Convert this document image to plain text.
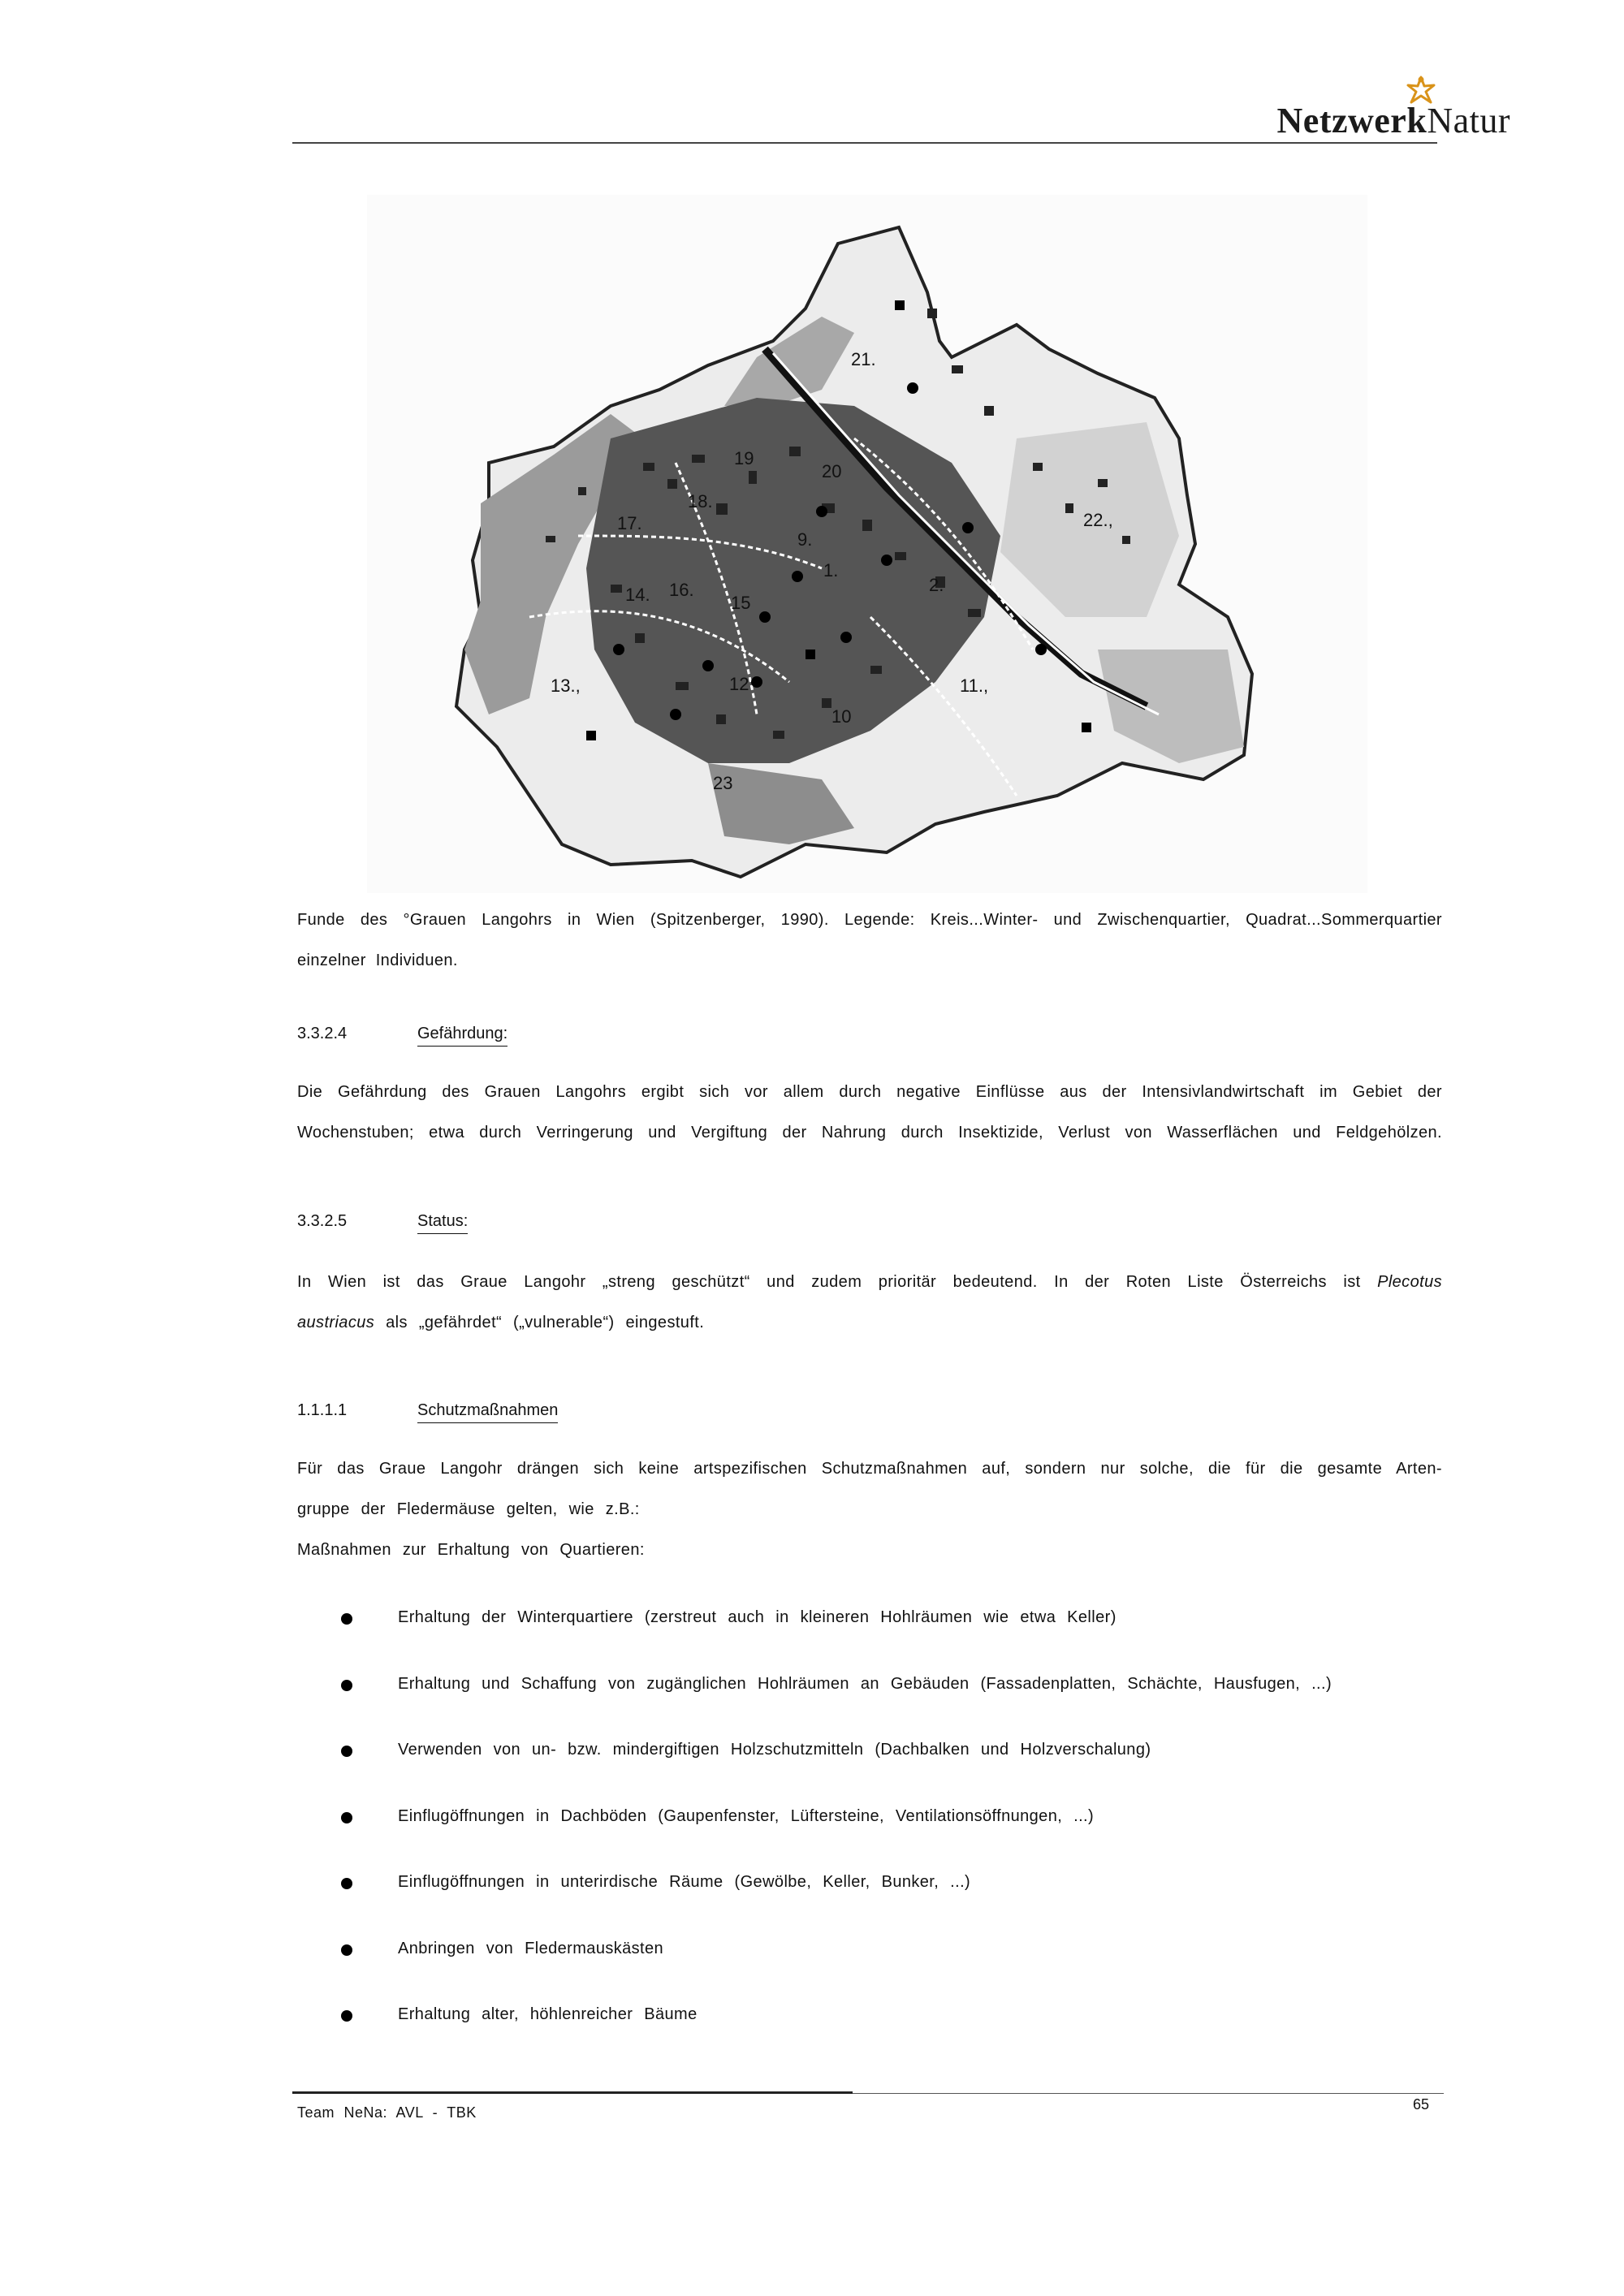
NetzwerkNatur
21.
19
20
18.
17.	22.,
9.
1.
2.
14. 16.
15
13.,	12	11.,
10
23
Funde des °Grauen Langohrs in Wien (Spitzenberger, 1990). Legende: Kreis...Winter- und Zwischenquartier, Quadrat...Sommerquartier
einzelner Individuen.
3.3.2.4	Gefährdung:
Die Gefährdung des Grauen Langohrs ergibt sich vor allem durch negative Einflüsse aus der Intensivlandwirtschaft im Gebiet der
Wochenstuben; etwa durch Verringerung und Vergiftung der Nahrung durch Insektizide, Verlust von Wasserflächen und Feldgehölzen.
3.3.2.5	Status:
In Wien ist das Graue Langohr „streng geschützt“ und zudem prioritär bedeutend. In der Roten Liste Österreichs ist Plecotus
austriacus als „gefährdet“ („vulnerable“) eingestuft.
1.1.1.1	Schutzmaßnahmen
Für das Graue Langohr drängen sich keine artspezifischen Schutzmaßnahmen auf, sondern nur solche, die für die gesamte Arten-
gruppe der Fledermäuse gelten, wie z.B.:
Maßnahmen zur Erhaltung von Quartieren:
Erhaltung der Winterquartiere (zerstreut auch in kleineren Hohlräumen wie etwa Keller)
Erhaltung und Schaffung von zugänglichen Hohlräumen an Gebäuden (Fassadenplatten, Schächte, Hausfugen, ...)
Verwenden von un- bzw. mindergiftigen Holzschutzmitteln (Dachbalken und Holzverschalung)
Einflugöffnungen in Dachböden (Gaupenfenster, Lüftersteine, Ventilationsöffnungen, ...)
Einflugöffnungen in unterirdische Räume (Gewölbe, Keller, Bunker, ...)
Anbringen von Fledermauskästen
Erhaltung alter, höhlenreicher Bäume
Team NeNa: AVL - TBK	65
